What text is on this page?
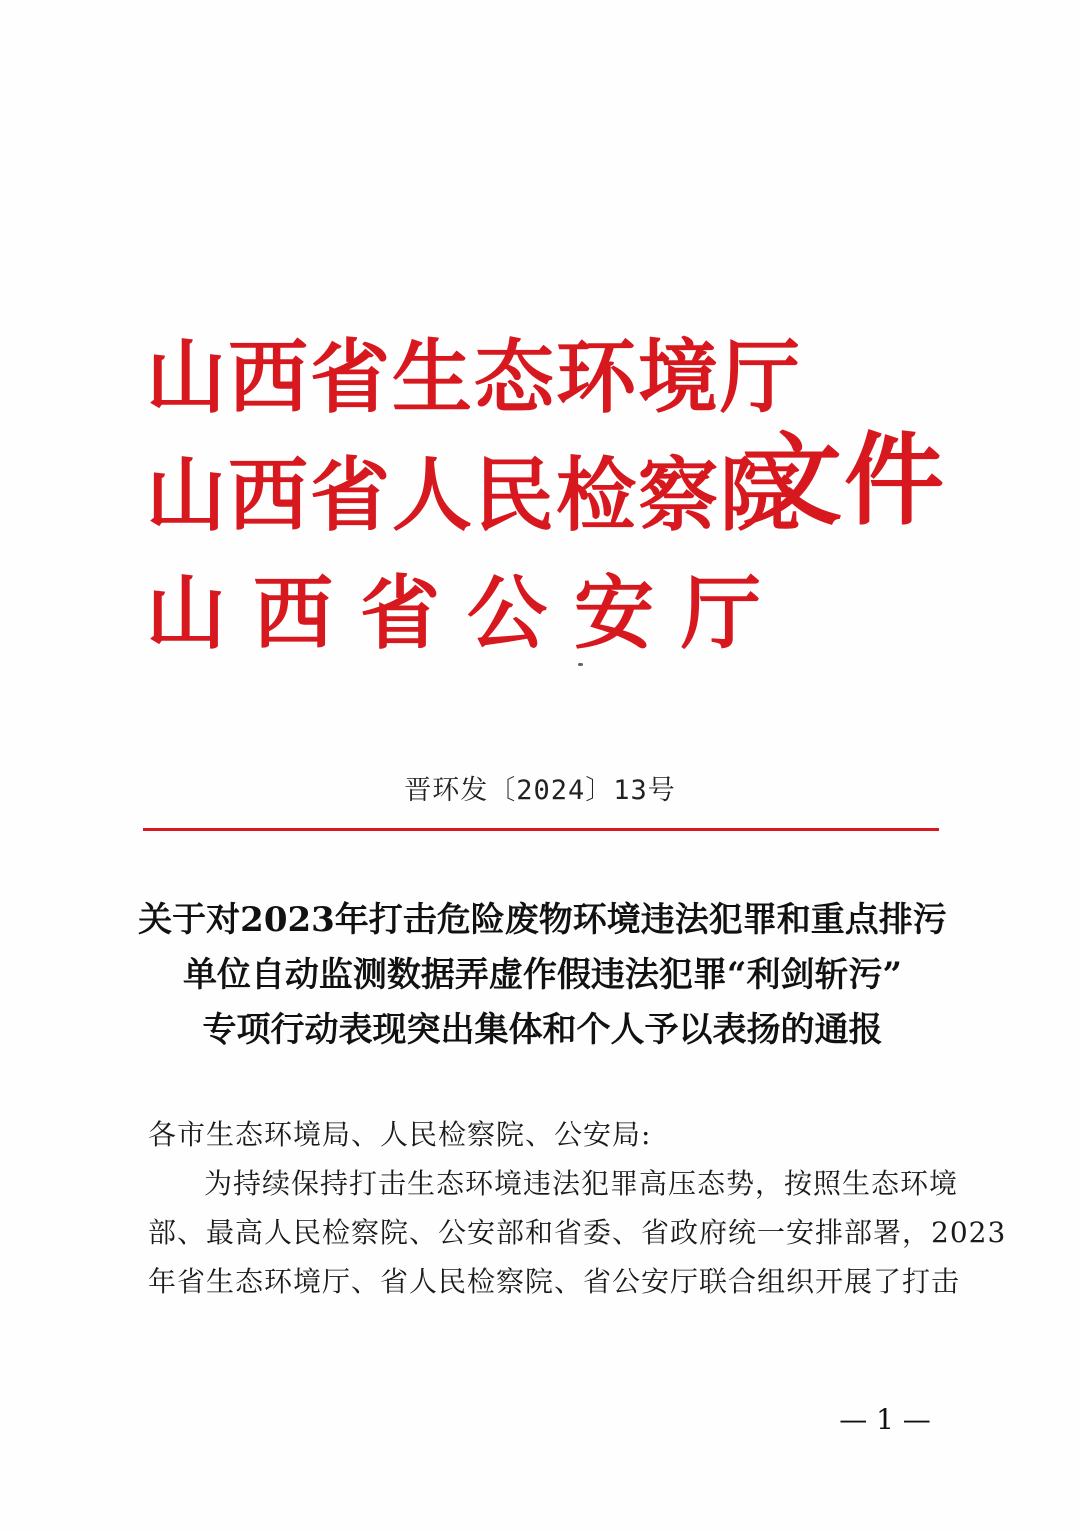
山西省生态环境厅
山西省人民检察院
山西省公安厅
文件
晋环发〔2024〕13号
关于对2023年打击危险废物环境违法犯罪和重点排污
单位自动监测数据弄虚作假违法犯罪“利剑斩污”
专项行动表现突出集体和个人予以表扬的通报
各市生态环境局、人民检察院、公安局:
为持续保持打击生态环境违法犯罪高压态势，按照生态环境
部、最高人民检察院、公安部和省委、省政府统一安排部署，2023
年省生态环境厅、省人民检察院、省公安厅联合组织开展了打击
— 1 —
